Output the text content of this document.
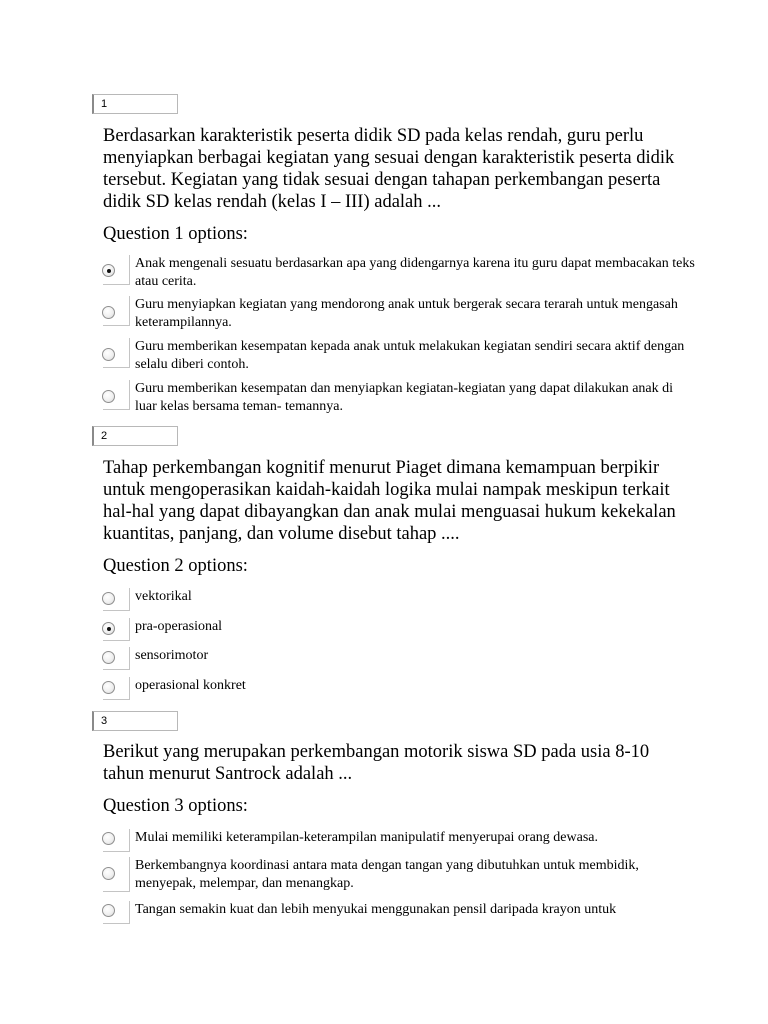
1

Berdasarkan karakteristik peserta didik SD pada kelas rendah, guru perlu menyiapkan berbagai kegiatan yang sesuai dengan karakteristik peserta didik tersebut. Kegiatan yang tidak sesuai dengan tahapan perkembangan peserta didik SD kelas rendah (kelas I – III) adalah ...

Question 1 options:

Anak mengenali sesuatu berdasarkan apa yang didengarnya karena itu guru dapat membacakan teks atau cerita.
Guru menyiapkan kegiatan yang mendorong anak untuk bergerak secara terarah untuk mengasah keterampilannya.
Guru memberikan kesempatan kepada anak untuk melakukan kegiatan sendiri secara aktif dengan selalu diberi contoh.
Guru memberikan kesempatan dan menyiapkan kegiatan-kegiatan yang dapat dilakukan anak di luar kelas bersama teman- temannya.
2

Tahap perkembangan kognitif menurut Piaget dimana kemampuan berpikir untuk mengoperasikan kaidah-kaidah logika mulai nampak meskipun terkait hal-hal yang dapat dibayangkan dan anak mulai menguasai hukum kekekalan kuantitas, panjang, dan volume disebut tahap ....

Question 2 options:

vektorikal
pra-operasional
sensorimotor
operasional konkret
3

Berikut yang merupakan perkembangan motorik siswa SD pada usia 8-10 tahun menurut Santrock adalah ...

Question 3 options:

Mulai memiliki keterampilan-keterampilan manipulatif menyerupai orang dewasa.
Berkembangnya koordinasi antara mata dengan tangan yang dibutuhkan untuk membidik, menyepak, melempar, dan menangkap.
Tangan semakin kuat dan lebih menyukai menggunakan pensil daripada krayon untuk
